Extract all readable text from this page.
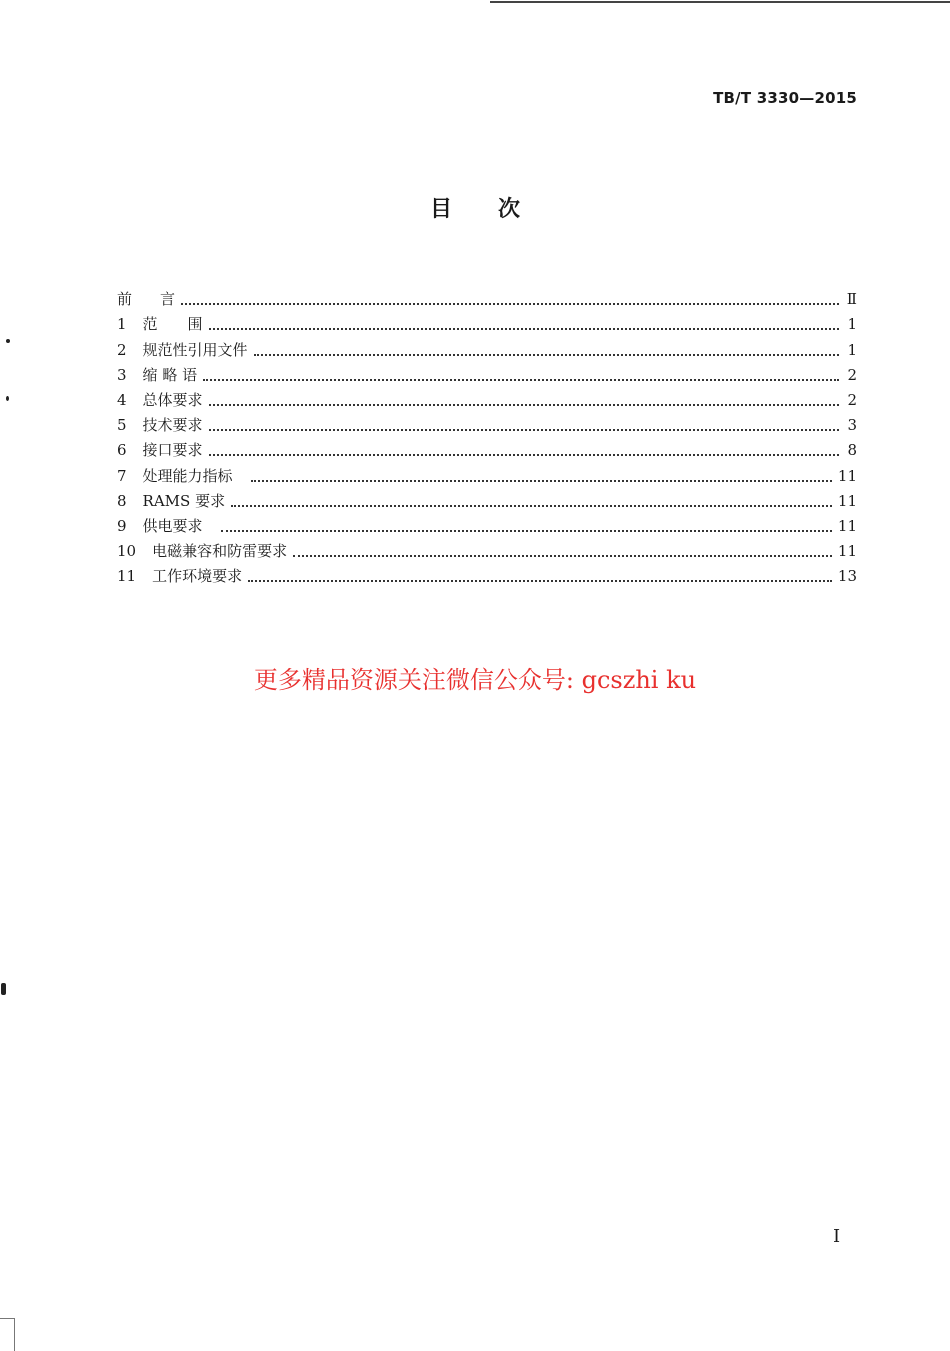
TB/T 3330—2015
目 次
前 言	Ⅱ
1 范　　围	1
2 规范性引用文件	1
3 缩 略 语	2
4 总体要求	2
5 技术要求	3
6 接口要求	8
7 处理能力指标	11
8 RAMS 要求	11
9 供电要求	11
10 电磁兼容和防雷要求	11
11 工作环境要求	13
更多精品资源关注微信公众号: gcszhi ku
I
